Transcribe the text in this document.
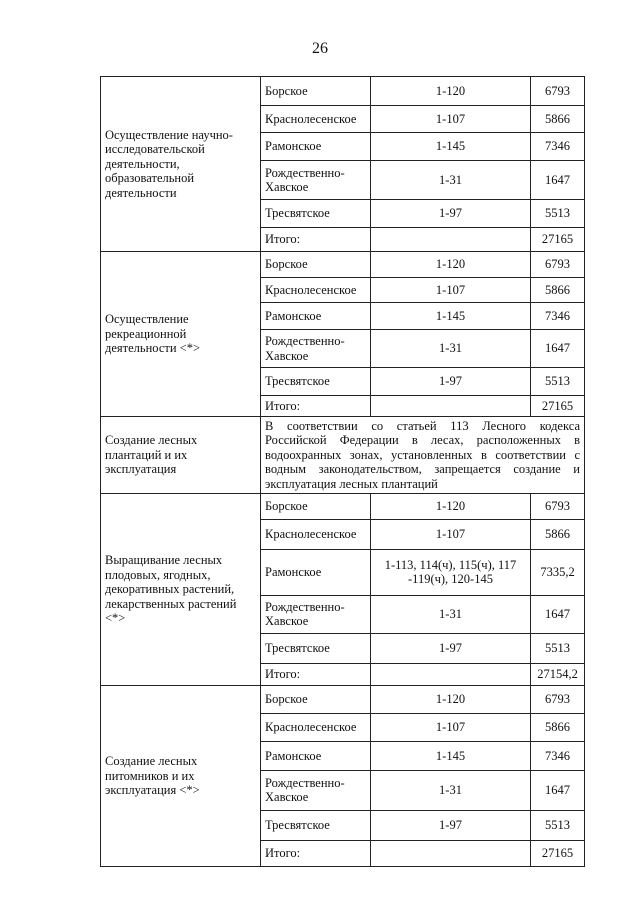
26
Осуществление научно-исследовательской деятельности, образовательной деятельности	Борское	1-120	6793
	Краснолесенское	1-107	5866
	Рамонское	1-145	7346
	Рождественно-Хавское	1-31	1647
	Тресвятское	1-97	5513
	Итого:		27165
Осуществление рекреационной деятельности <*>	Борское	1-120	6793
	Краснолесенское	1-107	5866
	Рамонское	1-145	7346
	Рождественно-Хавское	1-31	1647
	Тресвятское	1-97	5513
	Итого:		27165
Создание лесных плантаций и их эксплуатация	В соответствии со статьей 113 Лесного кодекса Российской Федерации в лесах, расположенных в водоохранных зонах, установленных в соответствии с водным законодательством, запрещается создание и эксплуатация лесных плантаций		
Выращивание лесных плодовых, ягодных, декоративных растений, лекарственных растений <*>	Борское	1-120	6793
	Краснолесенское	1-107	5866
	Рамонское	1-113, 114(ч), 115(ч), 117 -119(ч), 120-145	7335,2
	Рождественно-Хавское	1-31	1647
	Тресвятское	1-97	5513
	Итого:		27154,2
Создание лесных питомников и их эксплуатация <*>	Борское	1-120	6793
	Краснолесенское	1-107	5866
	Рамонское	1-145	7346
	Рождественно-Хавское	1-31	1647
	Тресвятское	1-97	5513
	Итого:		27165
